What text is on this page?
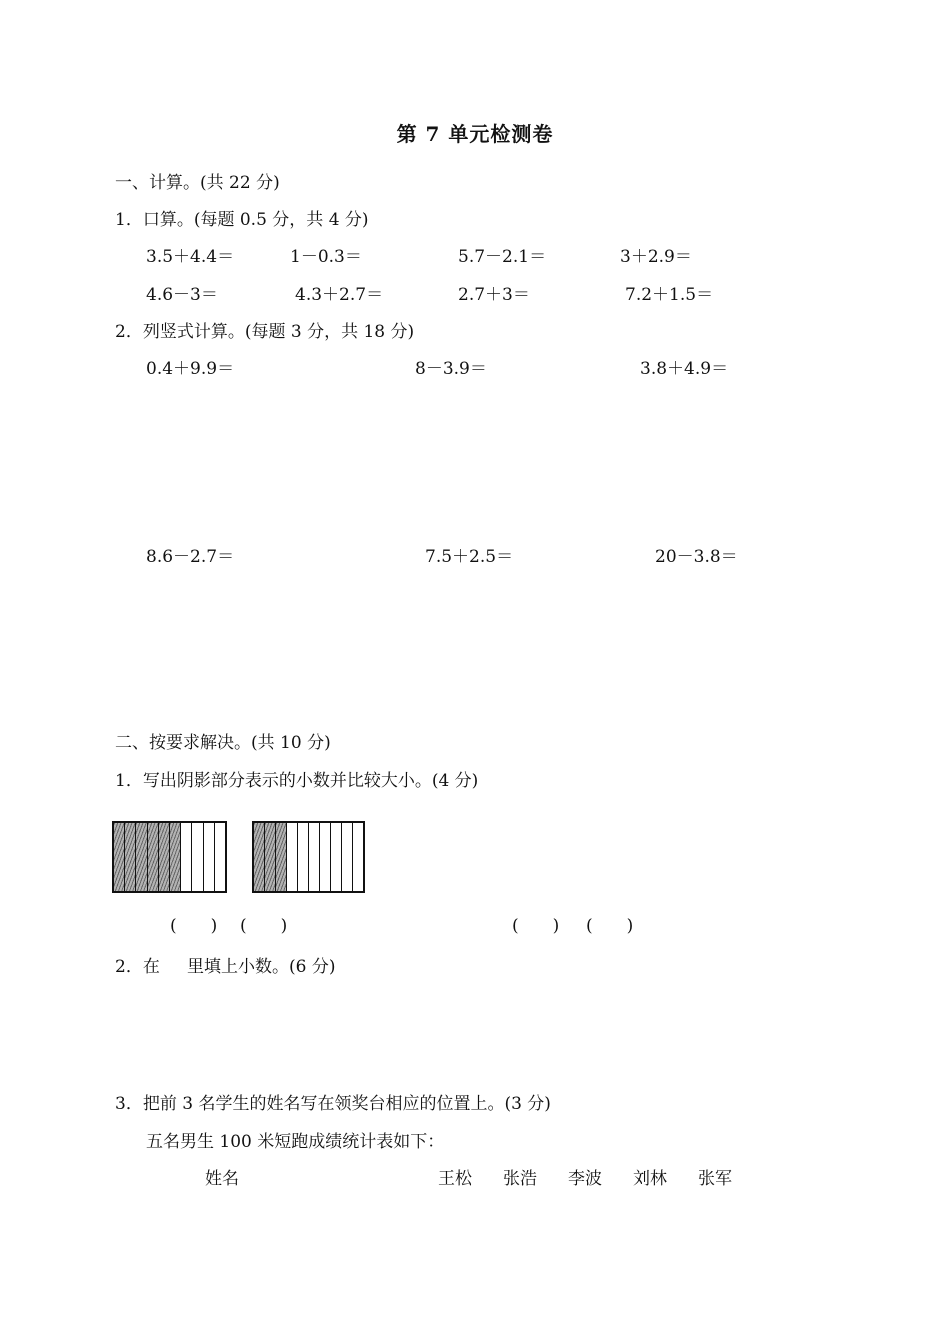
第 7 单元检测卷
一、计算。(共 22 分)
1．口算。(每题 0.5 分，共 4 分)
3.5＋4.4＝	1－0.3＝	5.7－2.1＝	3＋2.9＝
4.6－3＝	4.3＋2.7＝	2.7＋3＝	7.2＋1.5＝
2．列竖式计算。(每题 3 分，共 18 分)
0.4＋9.9＝	8－3.9＝	3.8＋4.9＝
8.6－2.7＝	7.5＋2.5＝	20－3.8＝
二、按要求解决。(共 10 分)
1．写出阴影部分表示的小数并比较大小。(4 分)
(　　) (　　)	(　　) (　　)
2．在 里填上小数。(6 分)
3．把前 3 名学生的姓名写在领奖台相应的位置上。(3 分)
五名男生 100 米短跑成绩统计表如下：
姓名	王松 张浩 李波 刘林 张军
